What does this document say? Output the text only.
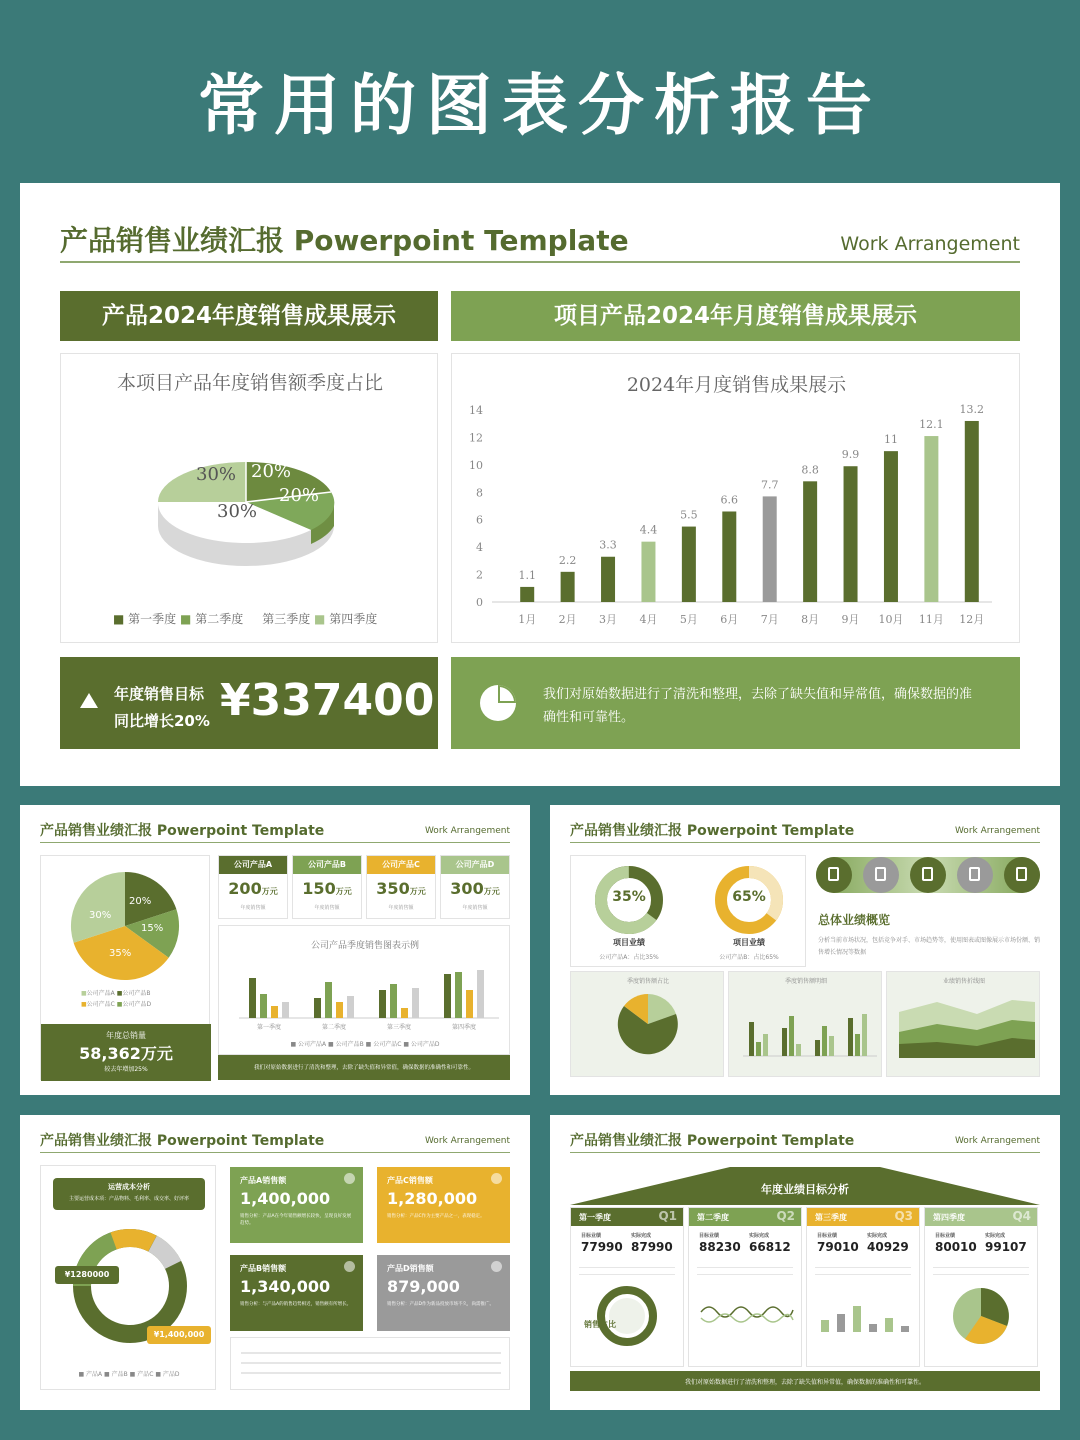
常用的图表分析报告
产品销售业绩汇报 Powerpoint Template	Work Arrangement
产品2024年度销售成果展示	项目产品2024年月度销售成果展示
本项目产品年度销售额季度占比
30% 20%
20%
30%
■ 第一季度 ■ 第二季度 ■ 第三季度 ■ 第四季度
2024年月度销售成果展示
0
2
4
6
8
10
12
14
1.1
1月
2.2
2月
3.3
3月
4.4
4月
5.5
5月
6.6
6月
7.7
7月
8.8
8月
9.9
9月
11
10月
12.1
11月
13.2
12月
年度销售目标
同比增长20% ¥337400	我们对原始数据进行了清洗和整理，去除了缺失值和异常值，确保数据的准确性和可靠性。
产品销售业绩汇报 Powerpoint Template	Work Arrangement
30%
20%
15%
35%
■公司产品A ■公司产品B
■公司产品C ■公司产品D
年度总销量
58,362万元
较去年增加25%
公司产品季度销售图表示例
第一季度	第二季度	第三季度	第四季度
■ 公司产品A ■ 公司产品B ■ 公司产品C ■ 公司产品D
我们对原始数据进行了清洗和整理，去除了缺失值和异常值，确保数据的准确性和可靠性。
公司产品A
200万元
年度销售额
公司产品B
150万元
年度销售额
公司产品C
350万元
年度销售额
公司产品D
300万元
年度销售额
产品销售业绩汇报 Powerpoint Template	Work Arrangement
35%
项目业绩
公司产品A：占比35%
65%
项目业绩
公司产品B：占比65%
总体业绩概览
分析当前市场状况，包括竞争对手、市场趋势等，使用图表或图像展示市场份额、销售增长情况等数据
季度销售额占比	季度销售额明细	业绩销售折线图
产品销售业绩汇报 Powerpoint Template	Work Arrangement
运营成本分析
主要运营成本项：产品物料、毛利率、成交率、好评率
¥1280000
¥1,400,000
■ 产品A ■ 产品B ■ 产品C ■ 产品D
产品A销售额
1,400,000
销售分析：产品A在今年销售额增长较快，呈现良好发展趋势。
产品C销售额
1,280,000
销售分析：产品C作为主要产品之一，表现稳定。
产品B销售额
1,340,000
销售分析：与产品A的销售趋势相近，销售额有所增长。
产品D销售额
879,000
销售分析：产品D作为新品投放市场不久，尚需推广。
产品销售业绩汇报 Powerpoint Template	Work Arrangement
年度业绩目标分析
我们对原始数据进行了清洗和整理，去除了缺失值和异常值，确保数据的准确性和可靠性。
第一季度	Q1
目标业绩	实际完成
77990 87990
第二季度	Q2
目标业绩	实际完成
88230 66812
第三季度	Q3
目标业绩	实际完成
79010 40929
第四季度	Q4
目标业绩	实际完成
80010 99107
销售占比
